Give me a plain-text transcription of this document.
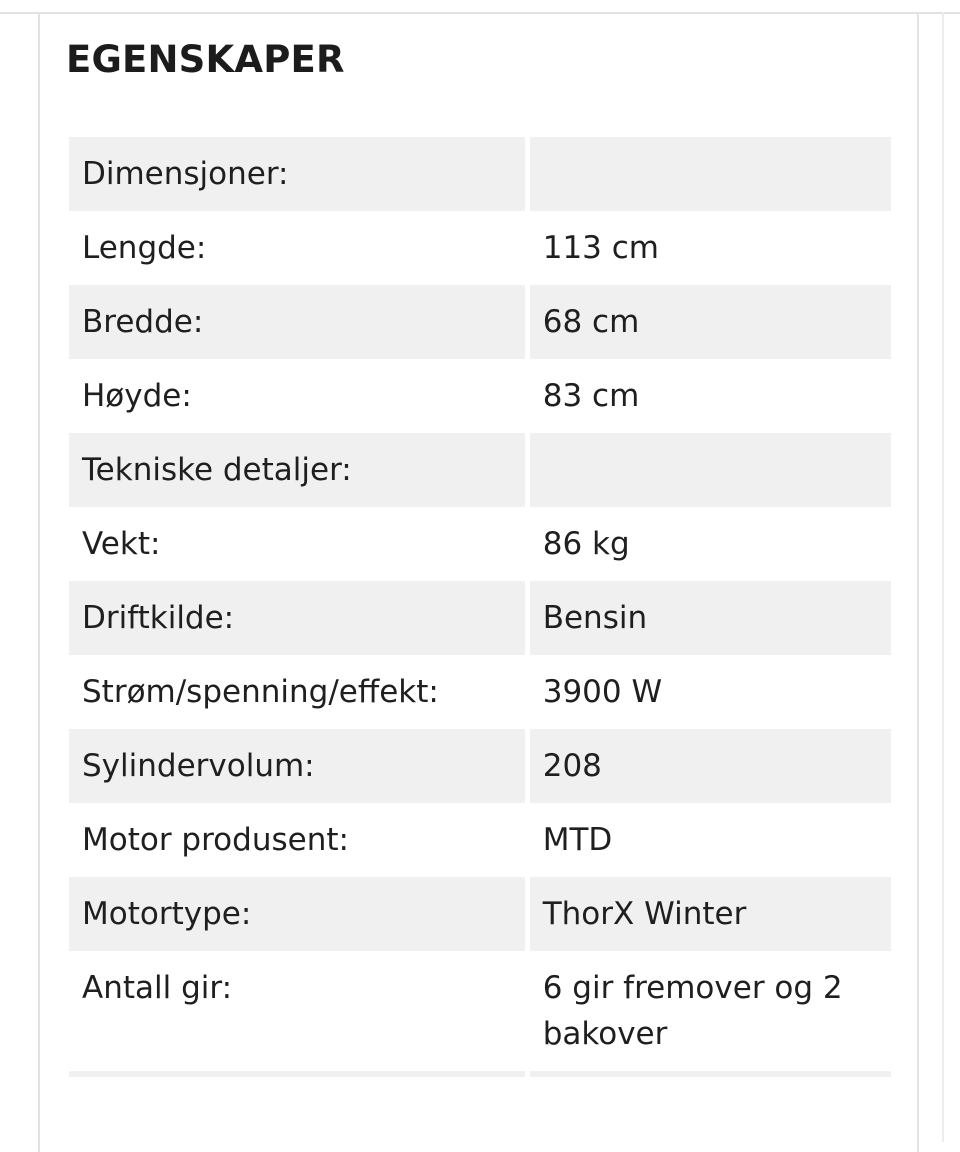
EGENSKAPER
Dimensjoner:	
Lengde:	113 cm
Bredde:	68 cm
Høyde:	83 cm
Tekniske detaljer:	
Vekt:	86 kg
Driftkilde:	Bensin
Strøm/spenning/effekt:	3900 W
Sylindervolum:	208
Motor produsent:	MTD
Motortype:	ThorX Winter
Antall gir:	6 gir fremover og 2 bakover
